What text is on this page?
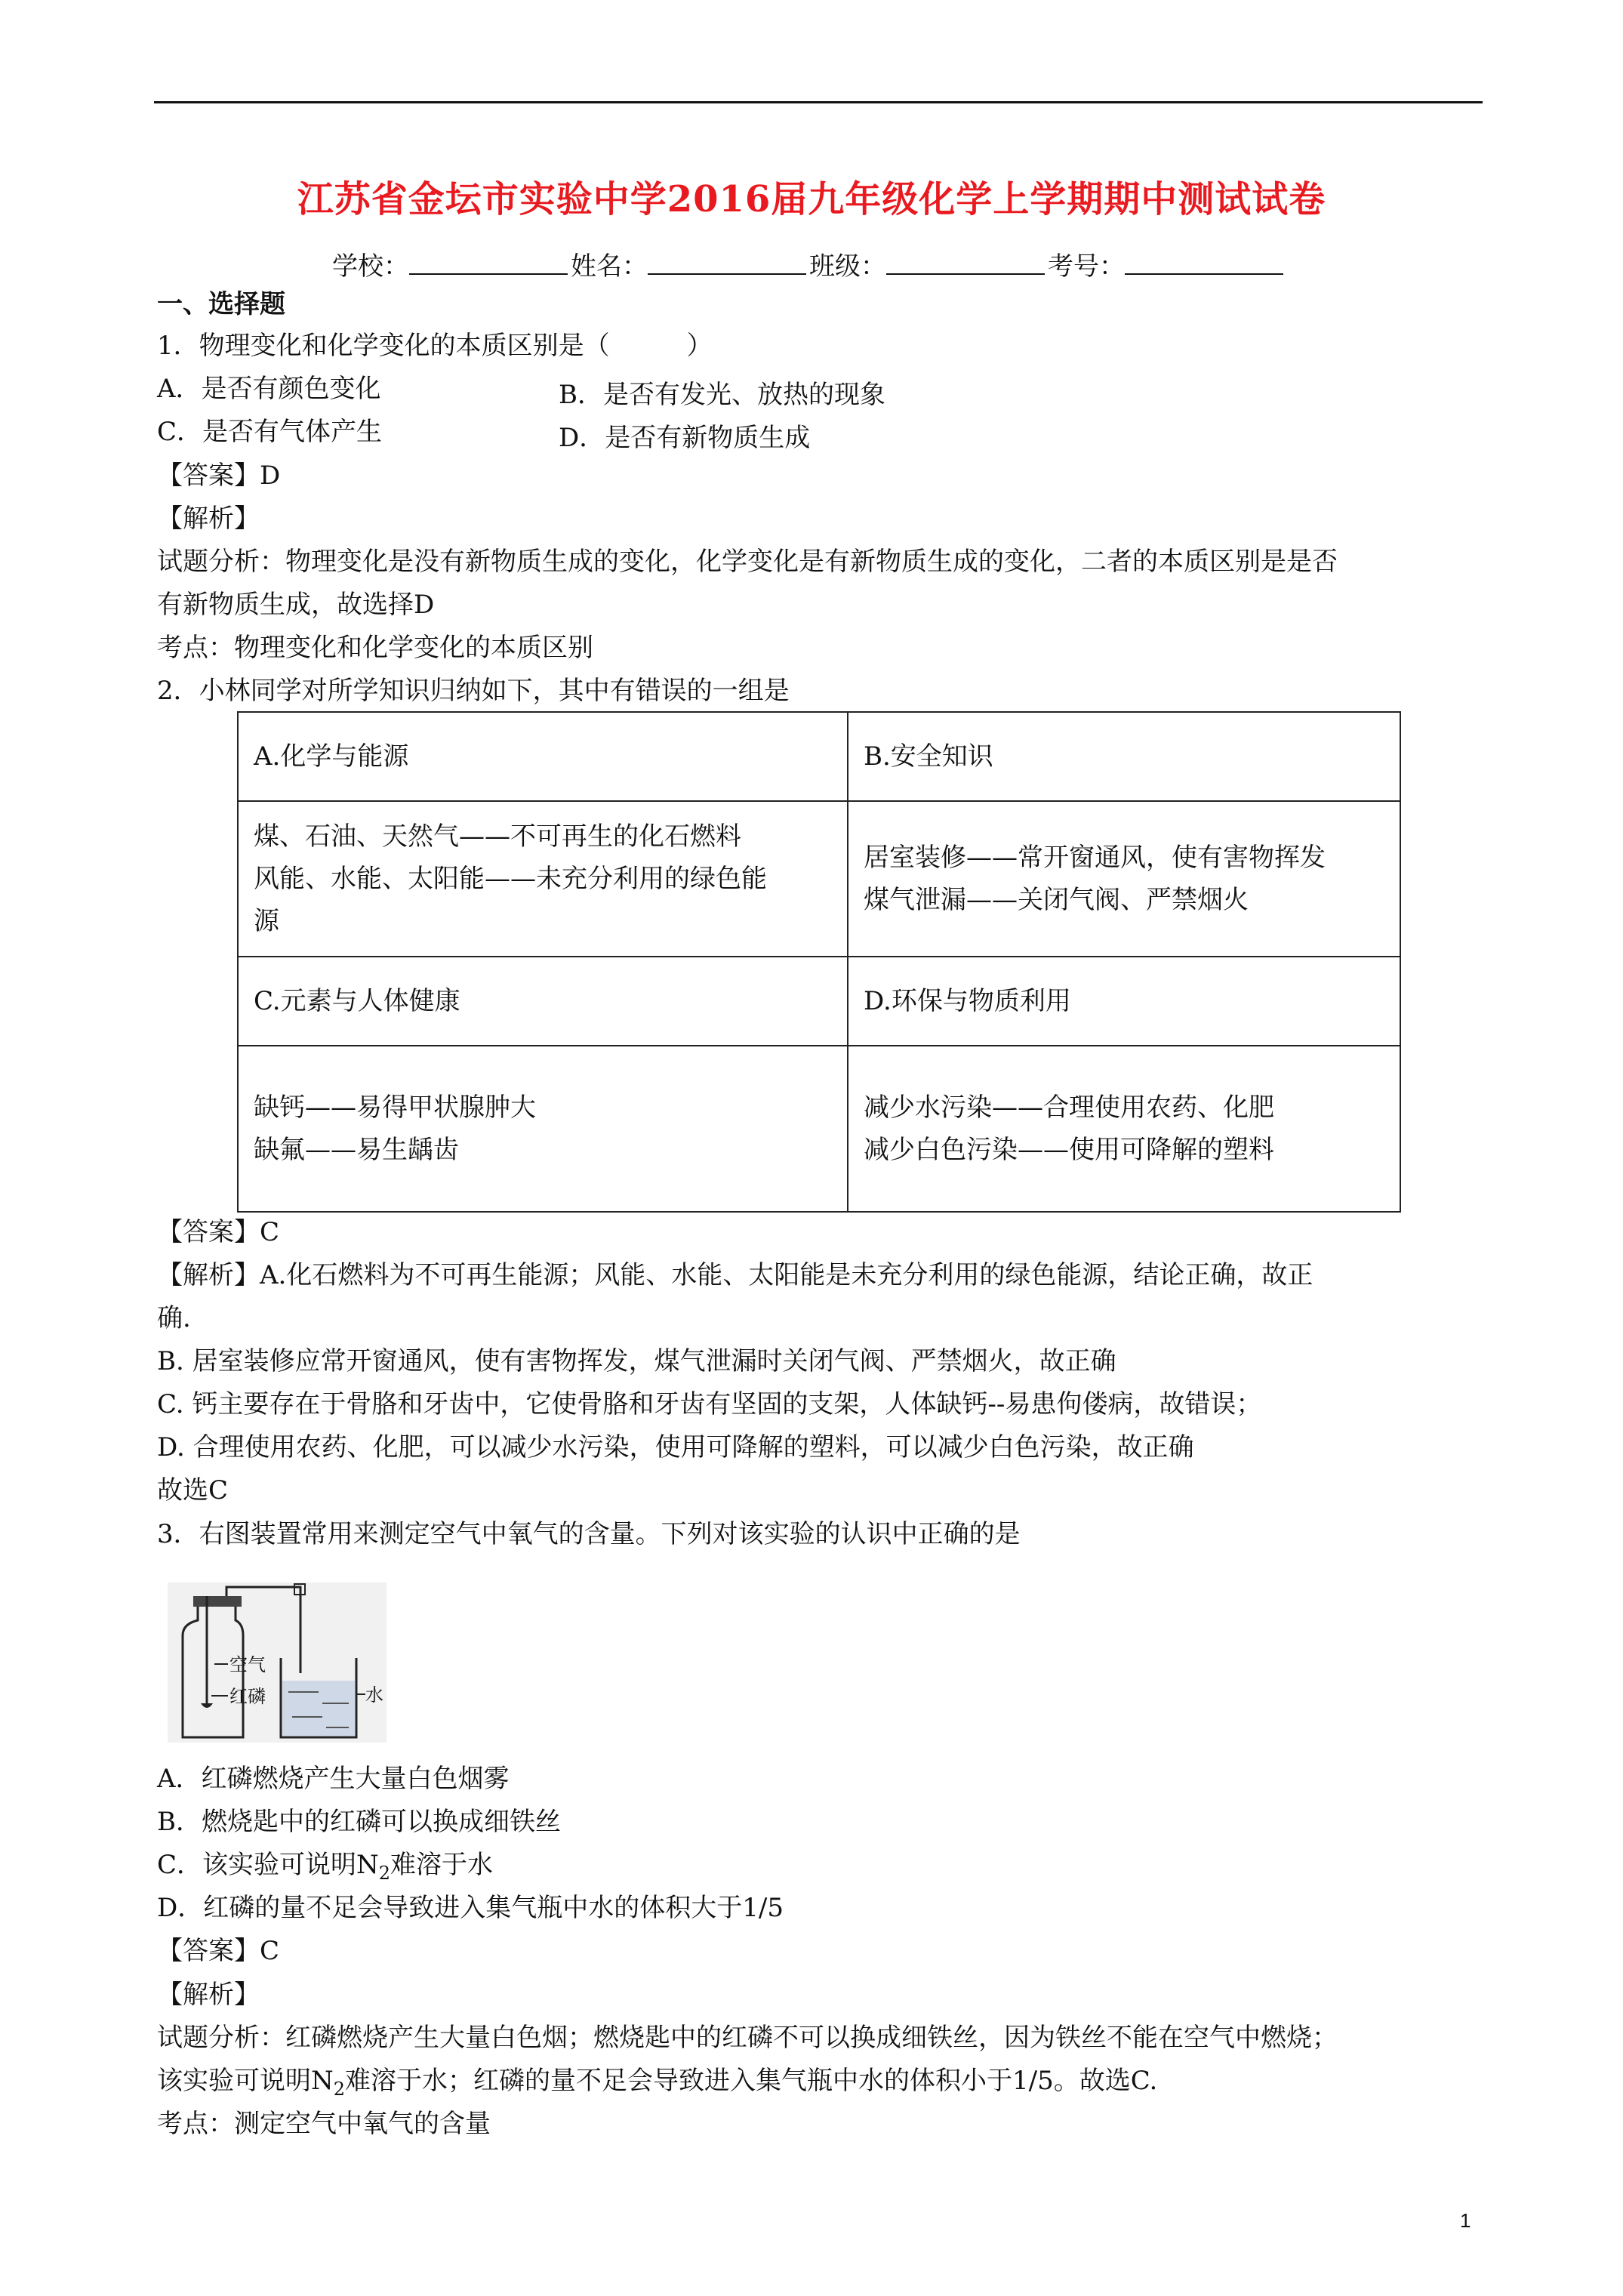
江苏省金坛市实验中学2016届九年级化学上学期期中测试试卷
学校：	姓名：	班级：	考号：
一、选择题
1．物理变化和化学变化的本质区别是（　　　）
A．是否有颜色变化	B．是否有发光、放热的现象
C．是否有气体产生	D．是否有新物质生成
【答案】D
【解析】
试题分析：物理变化是没有新物质生成的变化，化学变化是有新物质生成的变化，二者的本质区别是是否
有新物质生成，故选择D
考点：物理变化和化学变化的本质区别
2．小林同学对所学知识归纳如下，其中有错误的一组是
A.化学与能源	B.安全知识

煤、石油、天然气——不可再生的化石燃料
风能、水能、太阳能——未充分利用的绿色能
源	居室装修——常开窗通风，使有害物挥发
煤气泄漏——关闭气阀、严禁烟火

C.元素与人体健康	D.环保与物质利用

缺钙——易得甲状腺肿大
缺氟——易生龋齿	减少水污染——合理使用农药、化肥
减少白色污染——使用可降解的塑料
【答案】C
【解析】A.化石燃料为不可再生能源；风能、水能、太阳能是未充分利用的绿色能源，结论正确，故正
确.
B. 居室装修应常开窗通风，使有害物挥发，煤气泄漏时关闭气阀、严禁烟火，故正确
C. 钙主要存在于骨胳和牙齿中，它使骨胳和牙齿有坚固的支架，人体缺钙--易患佝偻病，故错误；
D. 合理使用农药、化肥，可以减少水污染，使用可降解的塑料，可以减少白色污染，故正确
故选C
3．右图装置常用来测定空气中氧气的含量。下列对该实验的认识中正确的是
空气
红磷	水
A．红磷燃烧产生大量白色烟雾
B．燃烧匙中的红磷可以换成细铁丝
C．该实验可说明$N_2$难溶于水
D．红磷的量不足会导致进入集气瓶中水的体积大于1/5
【答案】C
【解析】
试题分析：红磷燃烧产生大量白色烟；燃烧匙中的红磷不可以换成细铁丝，因为铁丝不能在空气中燃烧；
该实验可说明$N_2$难溶于水；红磷的量不足会导致进入集气瓶中水的体积小于1/5。故选C.
考点：测定空气中氧气的含量
1
